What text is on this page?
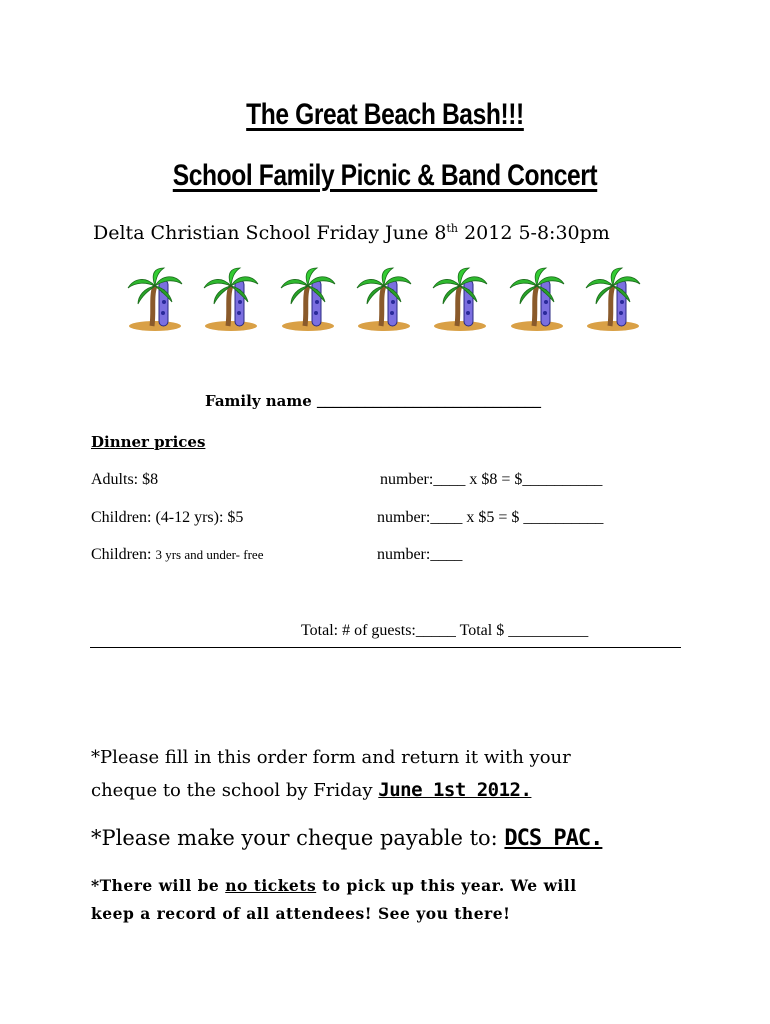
The Great Beach Bash!!!
School Family Picnic & Band Concert
Delta Christian School Friday June 8th 2012 5-8:30pm
Family name ____________________________
Dinner prices
Adults: $8	number:____ x $8 = $__________
Children: (4-12 yrs): $5	number:____ x $5 = $ __________
Children: 3 yrs and under- free	number:____
Total: # of guests:_____ Total $ __________
*Please fill in this order form and return it with your
cheque to the school by Friday June 1st 2012.
*Please make your cheque payable to: DCS PAC.
*There will be no tickets to pick up this year. We will
keep a record of all attendees! See you there!
